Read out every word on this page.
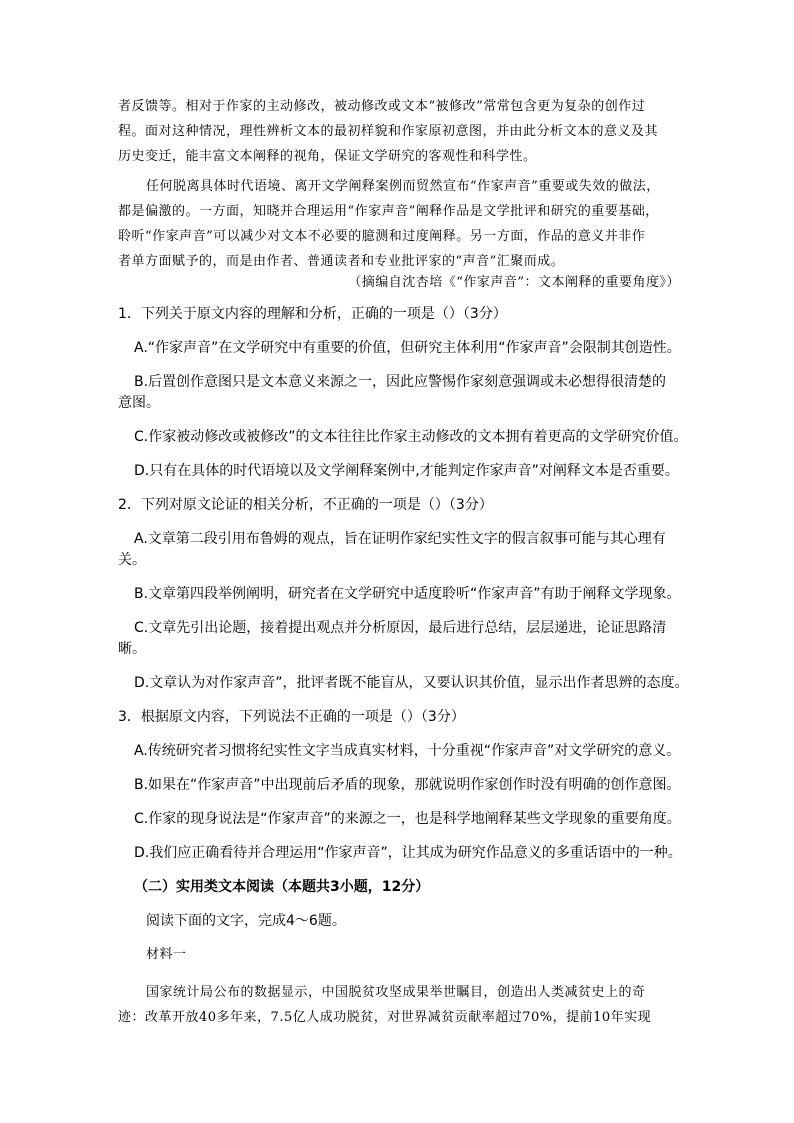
者反馈等。相对于作家的主动修改，被动修改或文本“被修改”常常包含更为复杂的创作过
程。面对这种情况，理性辨析文本的最初样貌和作家原初意图，并由此分析文本的意义及其
历史变迁，能丰富文本阐释的视角，保证文学研究的客观性和科学性。
任何脱离具体时代语境、离开文学阐释案例而贸然宣布“作家声音”重要或失效的做法，
都是偏激的。一方面，知晓并合理运用“作家声音”阐释作品是文学批评和研究的重要基础，
聆听“作家声音”可以减少对文本不必要的臆测和过度阐释。另一方面，作品的意义并非作
者单方面赋予的，而是由作者、普通读者和专业批评家的“声音”汇聚而成。
（摘编自沈杏培《“作家声音”：文本阐释的重要角度》）
1．下列关于原文内容的理解和分析，正确的一项是（）（3分）
A.“作家声音”在文学研究中有重要的价值，但研究主体利用“作家声音”会限制其创造性。
B.后置创作意图只是文本意义来源之一，因此应警惕作家刻意强调或未必想得很清楚的
意图。
C.作家被动修改或被修改”的文本往往比作家主动修改的文本拥有着更高的文学研究价值。
D.只有在具体的时代语境以及文学阐释案例中,才能判定作家声音”对阐释文本是否重要。
2．下列对原文论证的相关分析，不正确的一项是（）（3分）
A.文章第二段引用布鲁姆的观点，旨在证明作家纪实性文字的假言叙事可能与其心理有
关。
B.文章第四段举例阐明，研究者在文学研究中适度聆听“作家声音”有助于阐释文学现象。
C.文章先引出论题，接着提出观点并分析原因，最后进行总结，层层递进，论证思路清
晰。
D.文章认为对作家声音”，批评者既不能盲从，又要认识其价值，显示出作者思辨的态度。
3．根据原文内容，下列说法不正确的一项是（）（3分）
A.传统研究者习惯将纪实性文字当成真实材料，十分重视“作家声音”对文学研究的意义。
B.如果在“作家声音”中出现前后矛盾的现象，那就说明作家创作时没有明确的创作意图。
C.作家的现身说法是“作家声音”的来源之一，也是科学地阐释某些文学现象的重要角度。
D.我们应正确看待并合理运用“作家声音”，让其成为研究作品意义的多重话语中的一种。
（二）实用类文本阅读（本题共3小题，12分）
阅读下面的文字，完成4～6题。
材料一
国家统计局公布的数据显示，中国脱贫攻坚成果举世瞩目，创造出人类减贫史上的奇
迹：改革开放40多年来，7.5亿人成功脱贫，对世界减贫贡献率超过70%，提前10年实现
